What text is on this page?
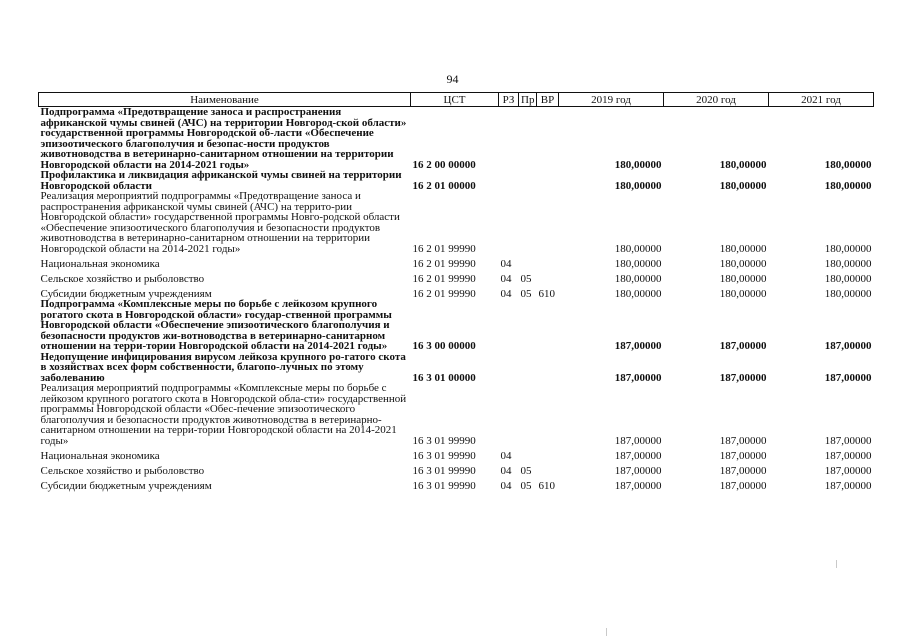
94
Наименование	ЦСТ	РЗ	Пр	ВР	2019 год	2020 год	2021 год
Подпрограмма «Предотвращение заноса и распространения африканской чумы свиней (АЧС) на территории Новгород-ской области» государственной программы Новгородской об-ласти «Обеспечение эпизоотического благополучия и безопас-ности продуктов животноводства в ветеринарно-санитарном отношении на территории Новгородской области на 2014-2021 годы»	16 2 00 00000				180,00000	180,00000	180,00000
Профилактика и ликвидация африканской чумы свиней на территории Новгородской области	16 2 01 00000				180,00000	180,00000	180,00000
Реализация мероприятий подпрограммы «Предотвращение заноса и распространения африканской чумы свиней (АЧС) на террито-рии Новгородской области» государственной программы Новго-родской области «Обеспечение эпизоотического благополучия и безопасности продуктов животноводства в ветеринарно-санитарном отношении на территории Новгородской области на 2014-2021 годы»	16 2 01 99990				180,00000	180,00000	180,00000
Национальная экономика	16 2 01 99990	04			180,00000	180,00000	180,00000
Сельское хозяйство и рыболовство	16 2 01 99990	04	05		180,00000	180,00000	180,00000
Субсидии бюджетным учреждениям	16 2 01 99990	04	05	610	180,00000	180,00000	180,00000
Подпрограмма «Комплексные меры по борьбе с лейкозом крупного рогатого скота в Новгородской области» государ-ственной программы Новгородской области «Обеспечение эпизоотического благополучия и безопасности продуктов жи-вотноводства в ветеринарно-санитарном отношении на терри-тории Новгородской области на 2014-2021 годы»	16 3 00 00000				187,00000	187,00000	187,00000
Недопущение инфицирования вирусом лейкоза крупного ро-гатого скота в хозяйствах всех форм собственности, благопо-лучных по этому заболеванию	16 3 01 00000				187,00000	187,00000	187,00000
Реализация мероприятий подпрограммы «Комплексные меры по борьбе с лейкозом крупного рогатого скота в Новгородской обла-сти» государственной программы Новгородской области «Обес-печение эпизоотического благополучия и безопасности продуктов животноводства в ветеринарно-санитарном отношении на терри-тории Новгородской области на 2014-2021 годы»	16 3 01 99990				187,00000	187,00000	187,00000
Национальная экономика	16 3 01 99990	04			187,00000	187,00000	187,00000
Сельское хозяйство и рыболовство	16 3 01 99990	04	05		187,00000	187,00000	187,00000
Субсидии бюджетным учреждениям	16 3 01 99990	04	05	610	187,00000	187,00000	187,00000
